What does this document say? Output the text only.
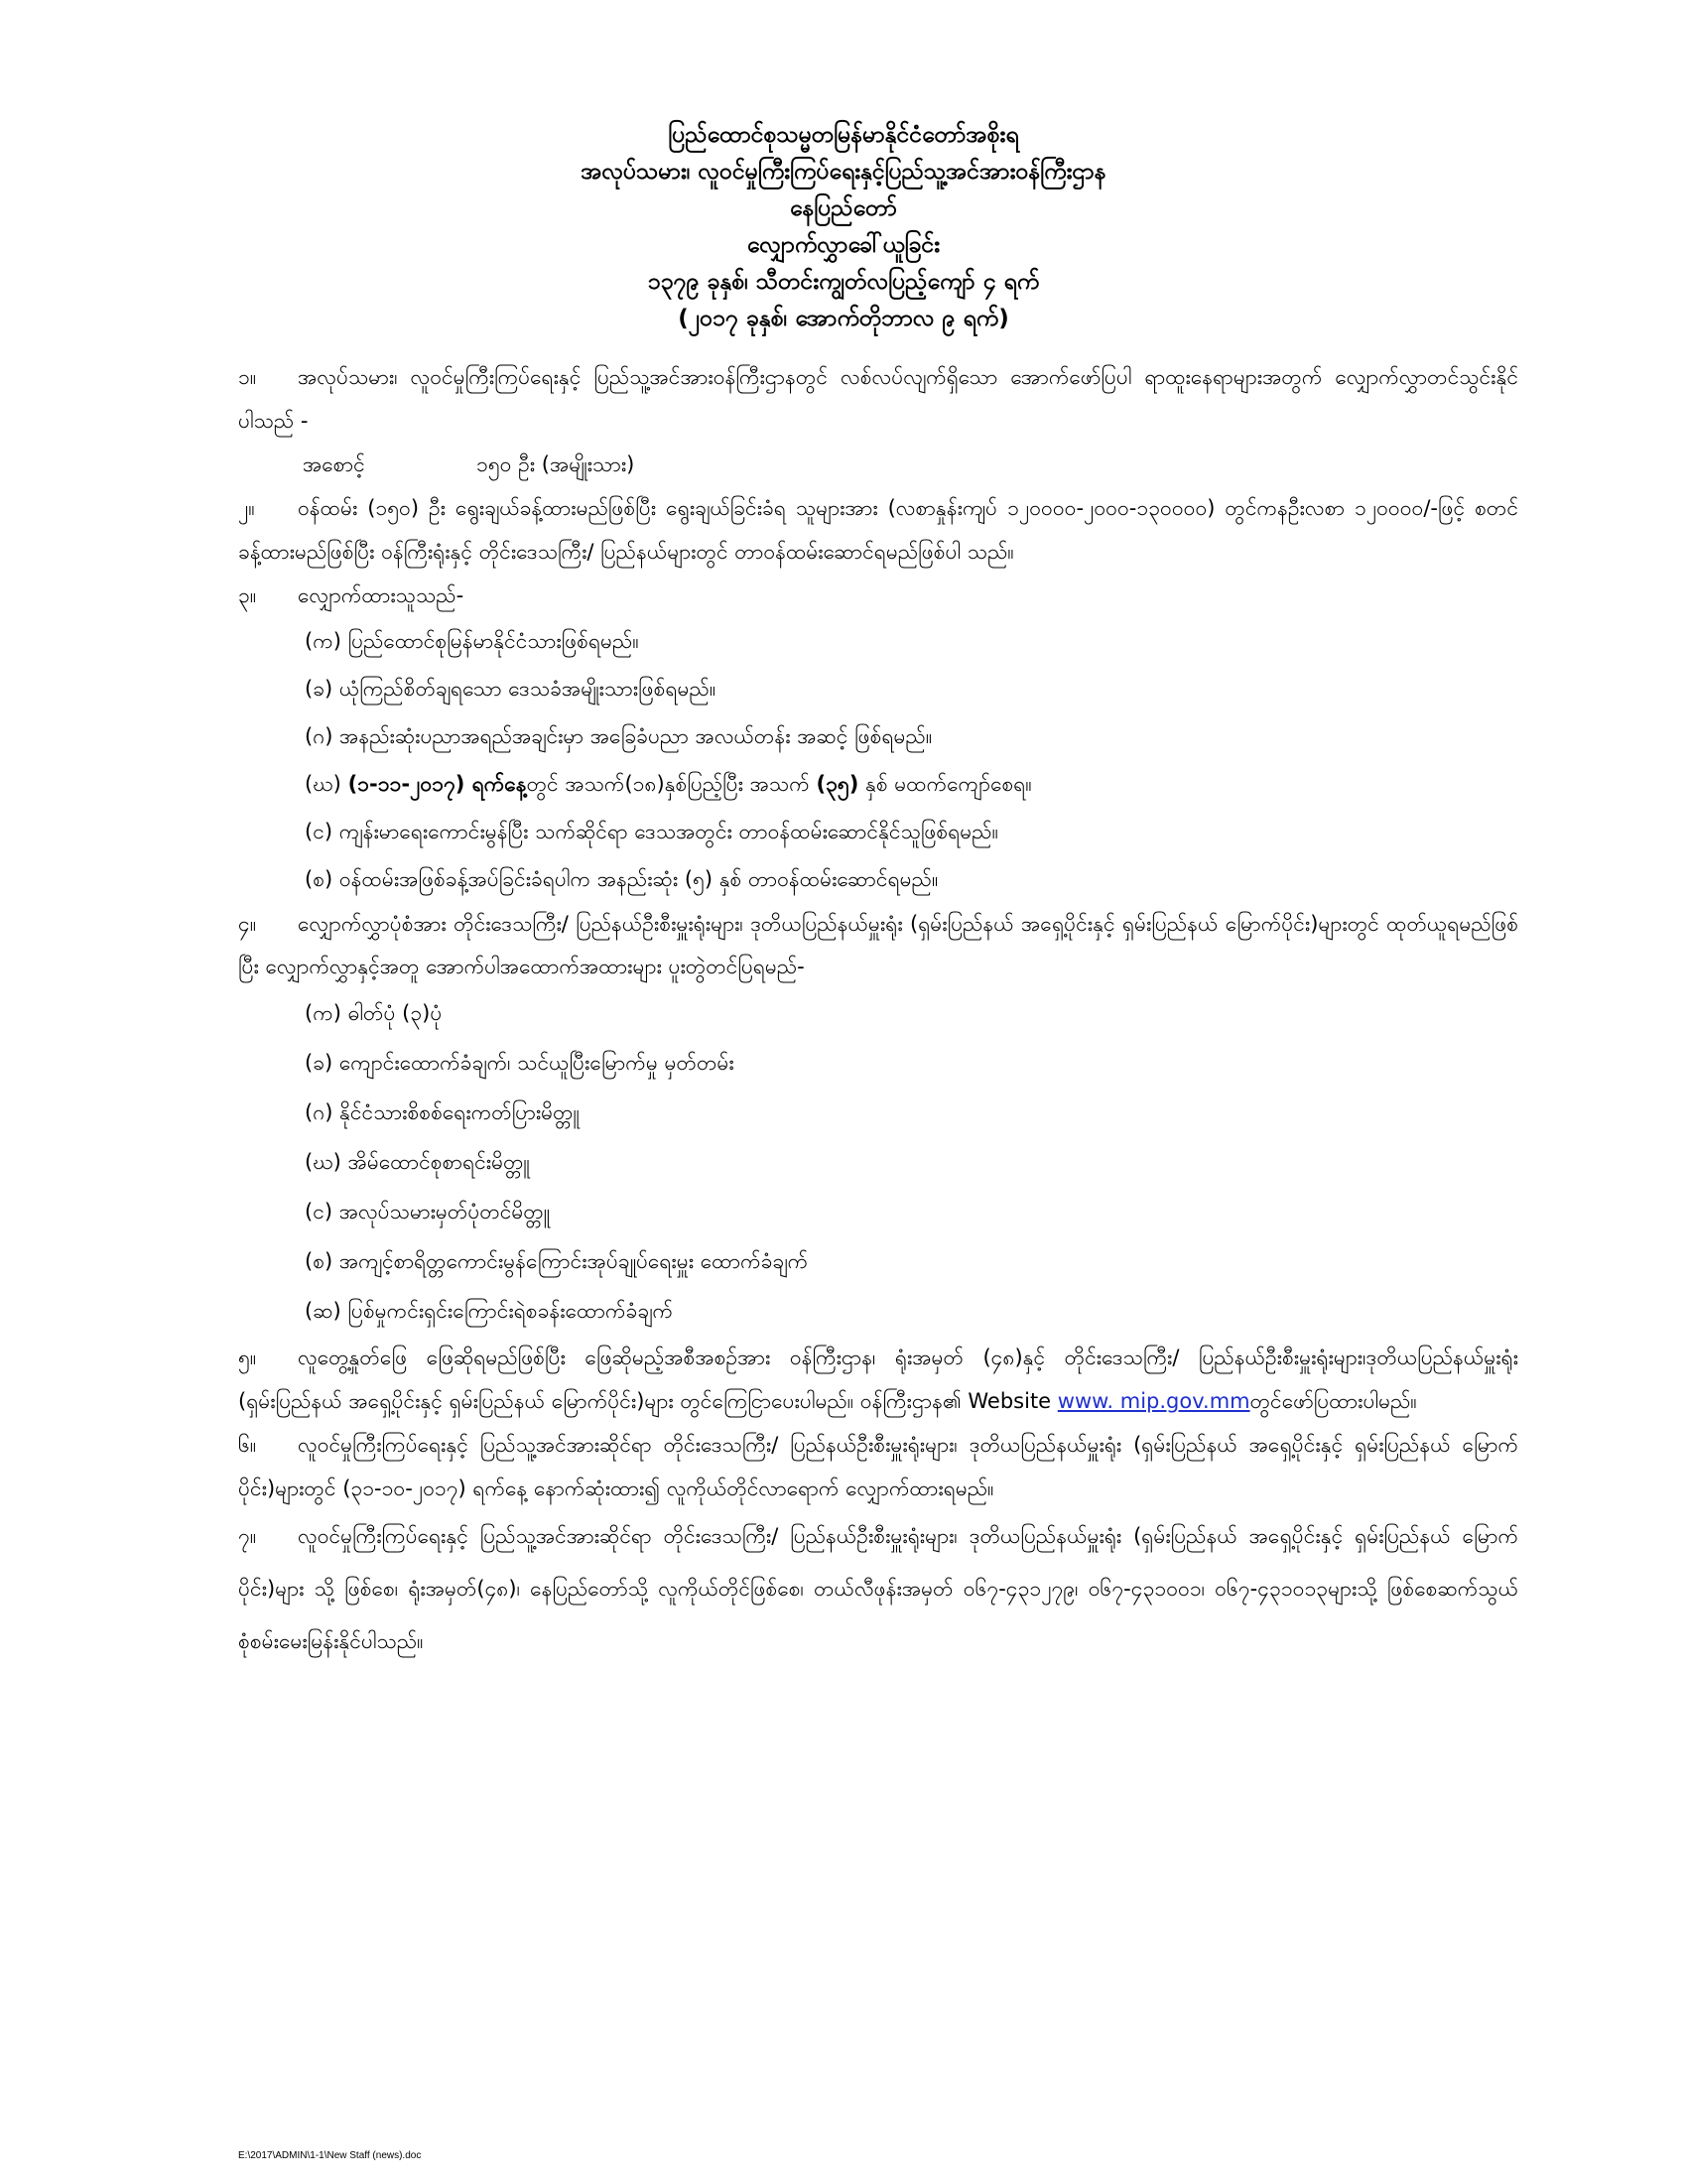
ပြည်ထောင်စုသမ္မတမြန်မာနိုင်ငံတော်အစိုးရ
အလုပ်သမား၊ လူဝင်မှုကြီးကြပ်ရေးနှင့်ပြည်သူ့အင်အားဝန်ကြီးဌာန
နေပြည်တော်
လျှောက်လွှာခေါ်ယူခြင်း
၁၃၇၉ ခုနှစ်၊ သီတင်းကျွတ်လပြည့်ကျော် ၄ ရက်
(၂၀၁၇ ခုနှစ်၊ အောက်တိုဘာလ ၉ ရက်)

၁။ အလုပ်သမား၊ လူဝင်မှုကြီးကြပ်ရေးနှင့် ပြည်သူ့အင်အားဝန်ကြီးဌာနတွင် လစ်လပ်လျက်ရှိသော အောက်ဖော်ပြပါ ရာထူးနေရာများအတွက် လျှောက်လွှာတင်သွင်းနိုင်ပါသည် -

အစောင့်	၁၅၀ ဦး (အမျိုးသား)

၂။ ဝန်ထမ်း (၁၅၀) ဦး ရွေးချယ်ခန့်ထားမည်ဖြစ်ပြီး ရွေးချယ်ခြင်းခံရ သူများအား (လစာနှုန်းကျပ် ၁၂၀၀၀၀-၂၀၀၀-၁၃၀၀၀၀) တွင်ကနဦးလစာ ၁၂၀၀၀၀/-ဖြင့် စတင်ခန့်ထားမည်ဖြစ်ပြီး ဝန်ကြီးရုံးနှင့် တိုင်းဒေသကြီး/ ပြည်နယ်များတွင် တာဝန်ထမ်းဆောင်ရမည်ဖြစ်ပါ သည်။

၃။ လျှောက်ထားသူသည်-

(က) ပြည်ထောင်စုမြန်မာနိုင်ငံသားဖြစ်ရမည်။
(ခ) ယုံကြည်စိတ်ချရသော ဒေသခံအမျိုးသားဖြစ်ရမည်။
(ဂ) အနည်းဆုံးပညာအရည်အချင်းမှာ အခြေခံပညာ အလယ်တန်း အဆင့် ဖြစ်ရမည်။
(ဃ) (၁-၁၁-၂၀၁၇) ရက်နေ့တွင် အသက်(၁၈)နှစ်ပြည့်ပြီး အသက် (၃၅) နှစ် မထက်ကျော်စေရ။
(င) ကျန်းမာရေးကောင်းမွန်ပြီး သက်ဆိုင်ရာ ဒေသအတွင်း တာဝန်ထမ်းဆောင်နိုင်သူဖြစ်ရမည်။
(စ) ဝန်ထမ်းအဖြစ်ခန့်အပ်ခြင်းခံရပါက အနည်းဆုံး (၅) နှစ် တာဝန်ထမ်းဆောင်ရမည်။

၄။ လျှောက်လွှာပုံစံအား တိုင်းဒေသကြီး/ ပြည်နယ်ဦးစီးမှူးရုံးများ၊ ဒုတိယပြည်နယ်မှူးရုံး (ရှမ်းပြည်နယ် အရှေ့ပိုင်းနှင့် ရှမ်းပြည်နယ် မြောက်ပိုင်း)များတွင် ထုတ်ယူရမည်ဖြစ်ပြီး လျှောက်လွှာနှင့်အတူ အောက်ပါအထောက်အထားများ ပူးတွဲတင်ပြရမည်-

(က) ဓါတ်ပုံ (၃)ပုံ
(ခ) ကျောင်းထောက်ခံချက်၊ သင်ယူပြီးမြောက်မှု မှတ်တမ်း
(ဂ) နိုင်ငံသားစိစစ်ရေးကတ်ပြားမိတ္တူ
(ဃ) အိမ်ထောင်စုစာရင်းမိတ္တူ
(င) အလုပ်သမားမှတ်ပုံတင်မိတ္တူ
(စ) အကျင့်စာရိတ္တကောင်းမွန်ကြောင်းအုပ်ချုပ်ရေးမှူး ထောက်ခံချက်
(ဆ) ပြစ်မှုကင်းရှင်းကြောင်းရဲစခန်းထောက်ခံချက်

၅။ လူတွေ့နှုတ်ဖြေ ဖြေဆိုရမည်ဖြစ်ပြီး ဖြေဆိုမည့်အစီအစဉ်အား ဝန်ကြီးဌာန၊ ရုံးအမှတ် (၄၈)နှင့် တိုင်းဒေသကြီး/ ပြည်နယ်ဦးစီးမှူးရုံးများ၊ဒုတိယပြည်နယ်မှူးရုံး (ရှမ်းပြည်နယ် အရှေ့ပိုင်းနှင့် ရှမ်းပြည်နယ် မြောက်ပိုင်း)များ တွင်ကြေငြာပေးပါမည်။ ဝန်ကြီးဌာန၏ Website www. mip.gov.mmတွင်ဖော်ပြထားပါမည်။

၆။ လူဝင်မှုကြီးကြပ်ရေးနှင့် ပြည်သူ့အင်အားဆိုင်ရာ တိုင်းဒေသကြီး/ ပြည်နယ်ဦးစီးမှူးရုံးများ၊ ဒုတိယပြည်နယ်မှူးရုံး (ရှမ်းပြည်နယ် အရှေ့ပိုင်းနှင့် ရှမ်းပြည်နယ် မြောက်ပိုင်း)များတွင် (၃၁-၁၀-၂၀၁၇) ရက်နေ့ နောက်ဆုံးထား၍ လူကိုယ်တိုင်လာရောက် လျှောက်ထားရမည်။

၇။ လူဝင်မှုကြီးကြပ်ရေးနှင့် ပြည်သူ့အင်အားဆိုင်ရာ တိုင်းဒေသကြီး/ ပြည်နယ်ဦးစီးမှူးရုံးများ၊ ဒုတိယပြည်နယ်မှူးရုံး (ရှမ်းပြည်နယ် အရှေ့ပိုင်းနှင့် ရှမ်းပြည်နယ် မြောက်ပိုင်း)များ သို့ ဖြစ်စေ၊ ရုံးအမှတ်(၄၈)၊ နေပြည်တော်သို့ လူကိုယ်တိုင်ဖြစ်စေ၊ တယ်လီဖုန်းအမှတ် ၀၆၇-၄၃၁၂၇၉၊ ၀၆၇-၄၃၁၀၀၁၊ ၀၆၇-၄၃၁၀၁၃များသို့ ဖြစ်စေဆက်သွယ် စုံစမ်းမေးမြန်းနိုင်ပါသည်။

E:\2017\ADMIN\1-1\New Staff (news).doc
